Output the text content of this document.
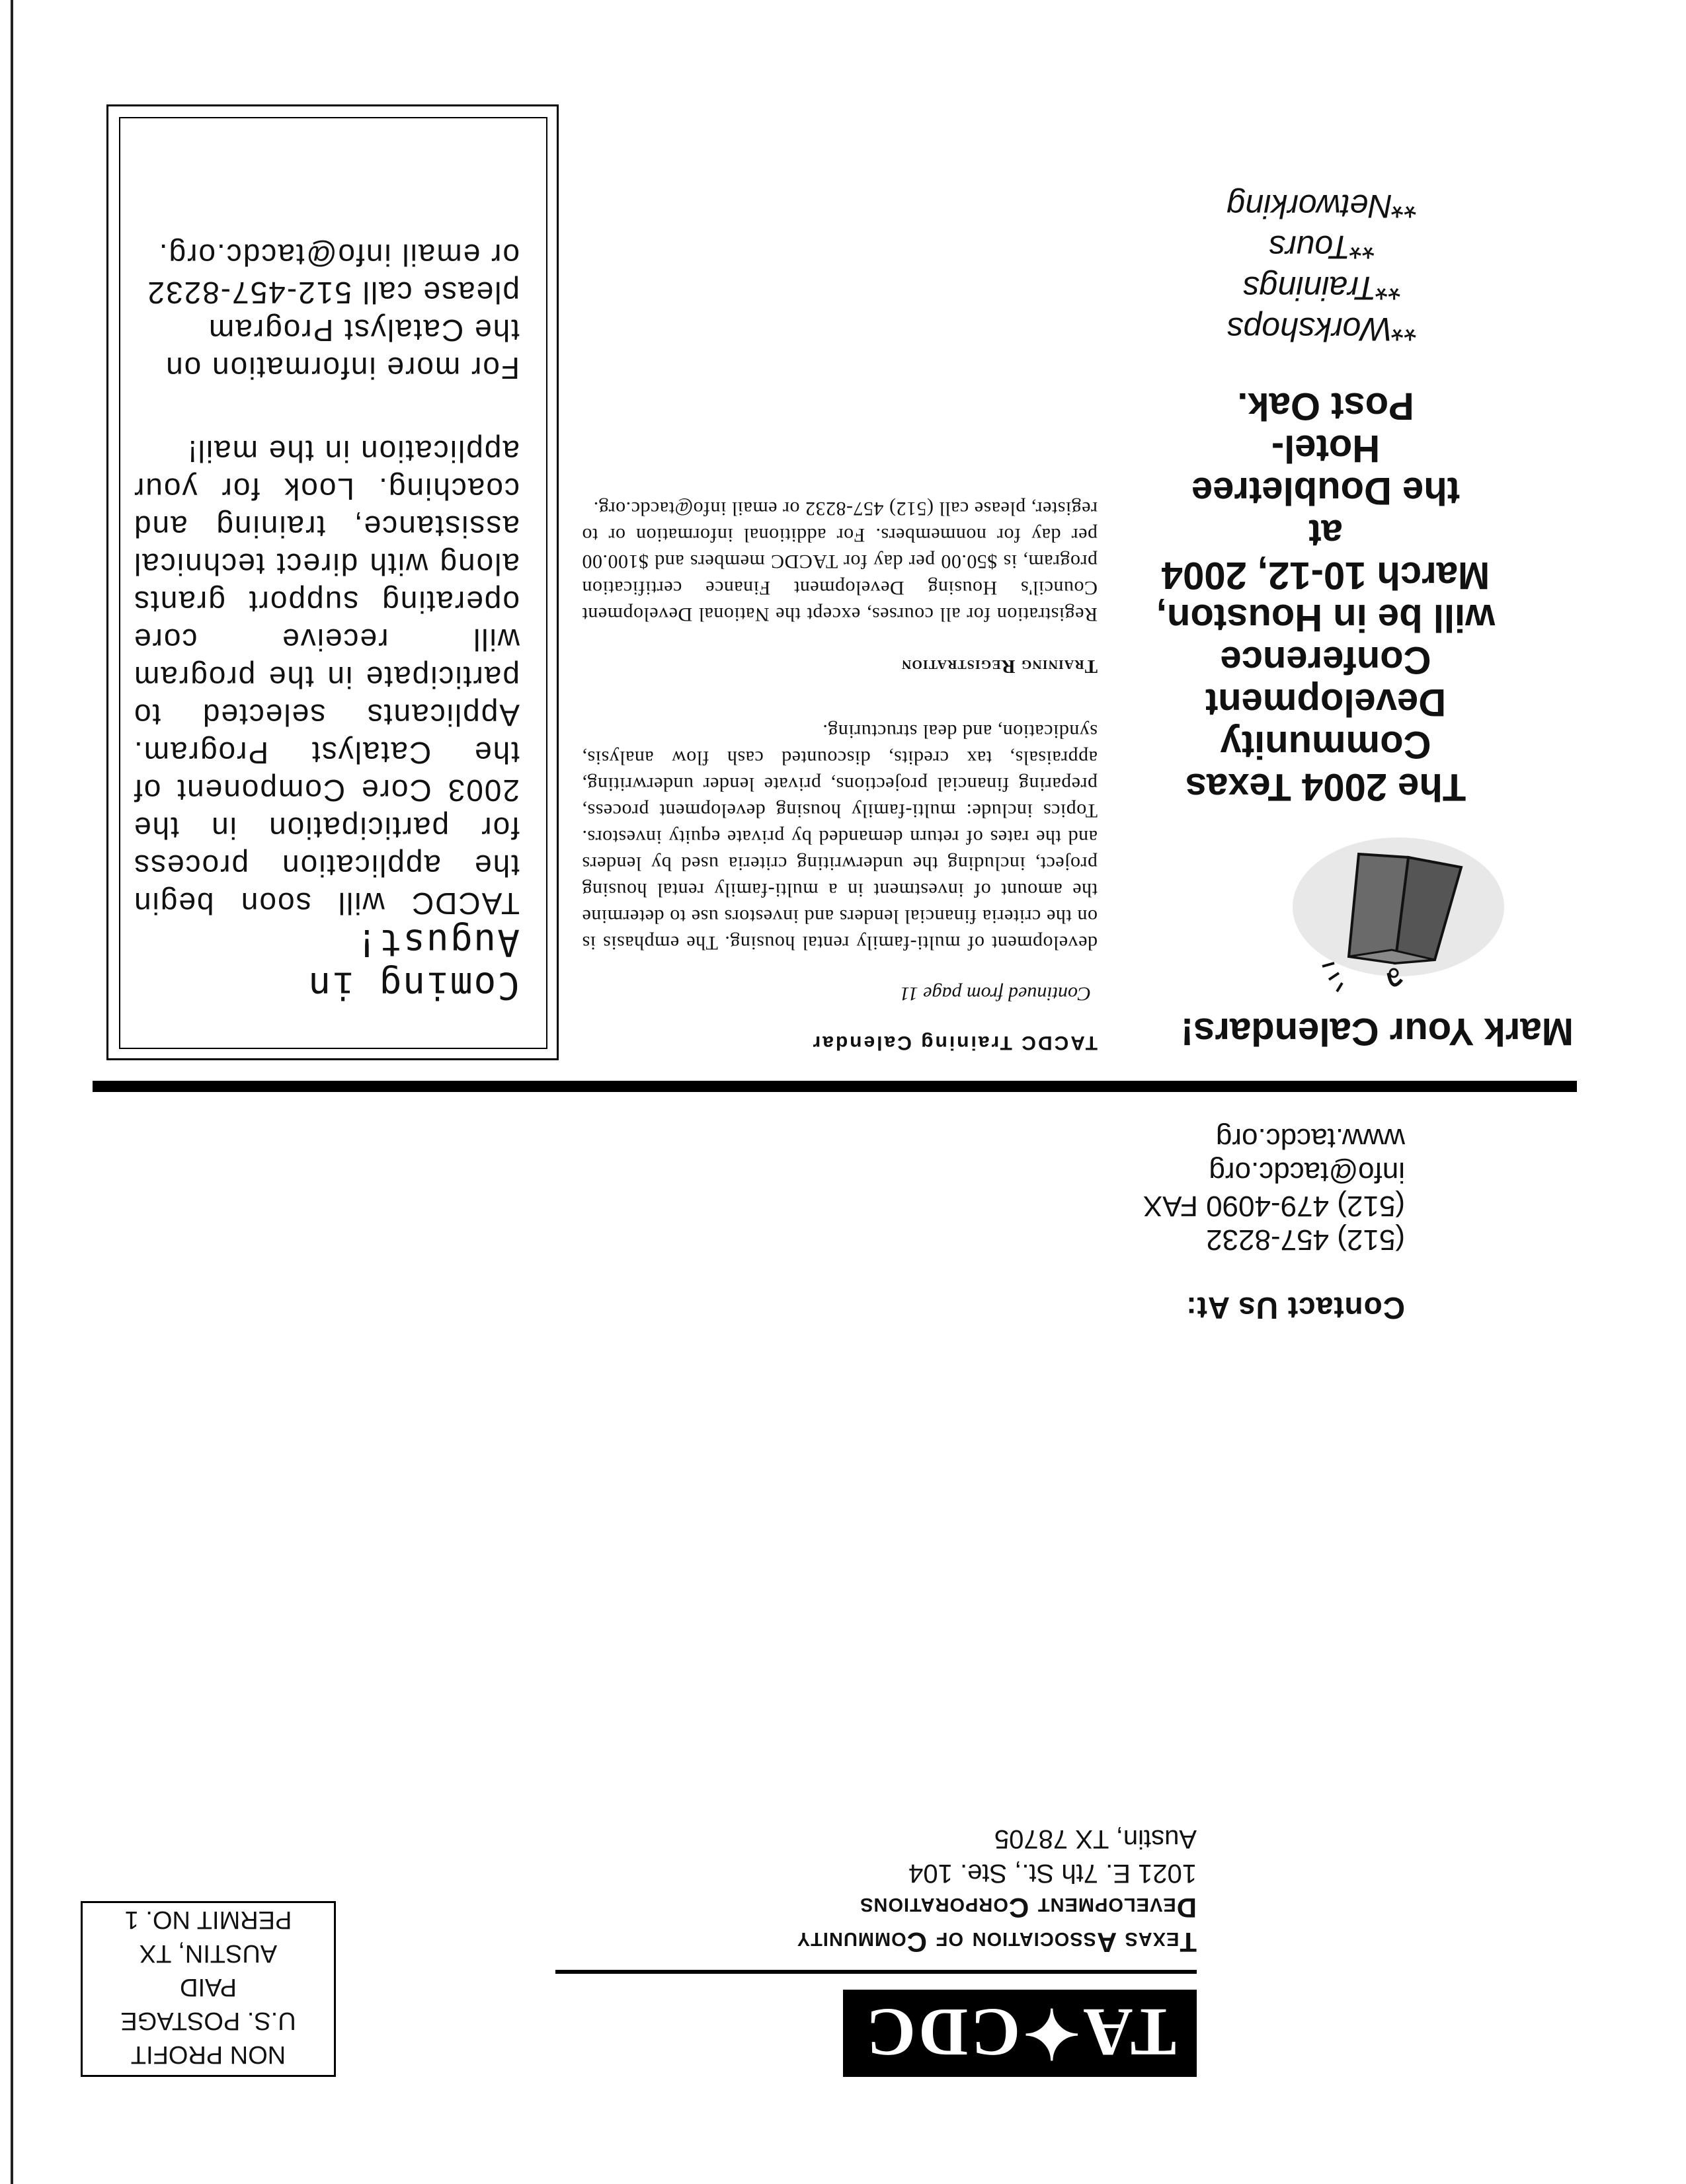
TA✦CDC
Texas Association of Community
Development Corporations
1021 E. 7th St., Ste. 104
Austin, TX 78705
NON PROFIT
U.S. POSTAGE
PAID
AUSTIN, TX
PERMIT NO. 1
Contact Us At:
(512) 457-8232
(512) 479-4090 FAX
info@tacdc.org
www.tacdc.org
Mark Your Calendars!
The 2004 Texas
Community
Development
Conference
will be in Houston,
March 10-12, 2004 at
the Doubletree Hotel-
Post Oak.
**Workshops
**Trainings
**Tours
**Networking
TACDC Training Calendar
Continued from page 11
development of multi-family rental housing. The emphasis is on the criteria financial lenders and investors use to determine the amount of investment in a multi-family rental housing project, including the underwriting criteria used by lenders and the rates of return demanded by private equity investors. Topics include: multi-family housing development process, preparing financial projections, private lender underwriting, appraisals, tax credits, discounted cash flow analysis, syndication, and deal structuring.
Training Registration
Registration for all courses, except the National Development Council's Housing Development Finance certification program, is $50.00 per day for TACDC members and $100.00 per day for nonmembers. For additional information or to register, please call (512) 457-8232 or email info@tacdc.org.
Coming in August!
TACDC will soon begin the application process for participation in the 2003 Core Component of the Catalyst Program. Applicants selected to participate in the program will receive core operating support grants along with direct technical assistance, training and coaching. Look for your application in the mail!
For more information on the Catalyst Program please call 512-457-8232 or email info@tacdc.org.
